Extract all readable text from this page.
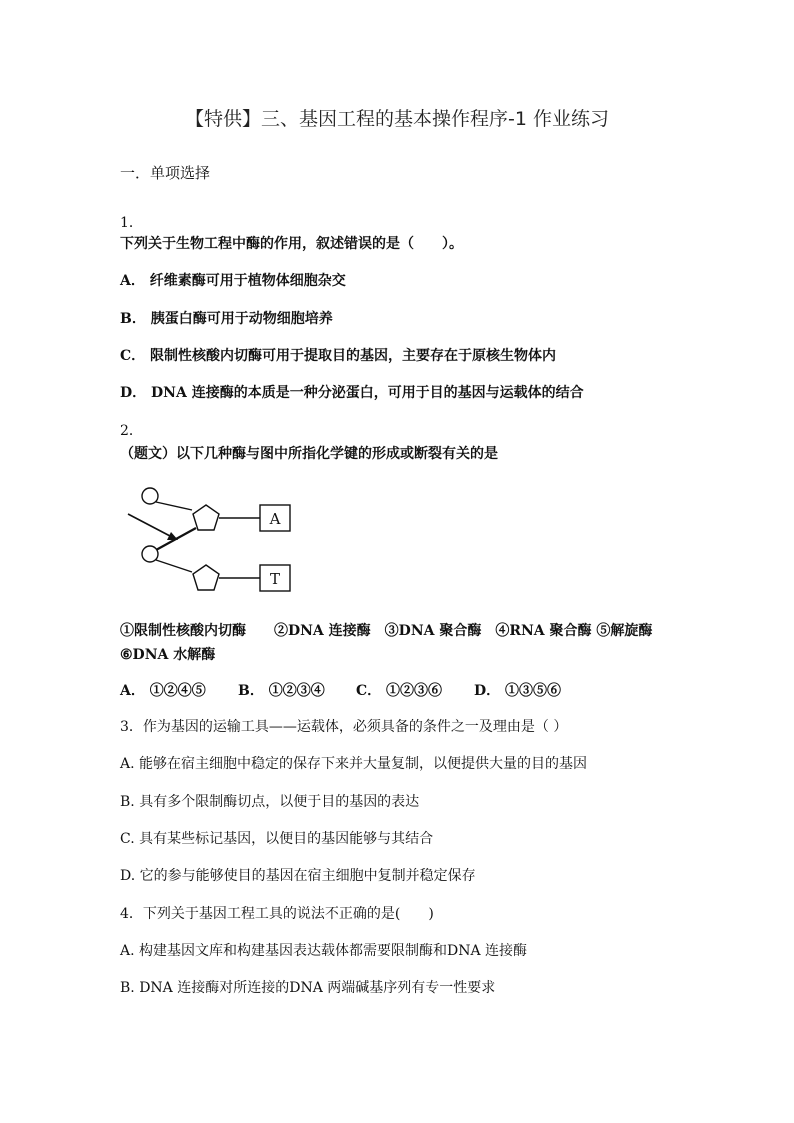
【特供】三、基因工程的基本操作程序-1 作业练习
一．单项选择
1．
下列关于生物工程中酶的作用，叙述错误的是（　　）。
A． 纤维素酶可用于植物体细胞杂交
B． 胰蛋白酶可用于动物细胞培养
C． 限制性核酸内切酶可用于提取目的基因，主要存在于原核生物体内
D． DNA 连接酶的本质是一种分泌蛋白，可用于目的基因与运载体的结合
2．
（题文）以下几种酶与图中所指化学键的形成或断裂有关的是
A
T
①限制性核酸内切酶　　②DNA 连接酶　③DNA 聚合酶　④RNA 聚合酶 ⑤解旋酶
⑥DNA 水解酶
A． ①②④⑤ B． ①②③④ C． ①②③⑥ D． ①③⑤⑥
3．作为基因的运输工具——运载体，必须具备的条件之一及理由是（ ）
A. 能够在宿主细胞中稳定的保存下来并大量复制，以便提供大量的目的基因
B. 具有多个限制酶切点，以便于目的基因的表达
C. 具有某些标记基因，以便目的基因能够与其结合
D. 它的参与能够使目的基因在宿主细胞中复制并稳定保存
4．下列关于基因工程工具的说法不正确的是(　　)
A. 构建基因文库和构建基因表达载体都需要限制酶和DNA 连接酶
B. DNA 连接酶对所连接的DNA 两端碱基序列有专一性要求
